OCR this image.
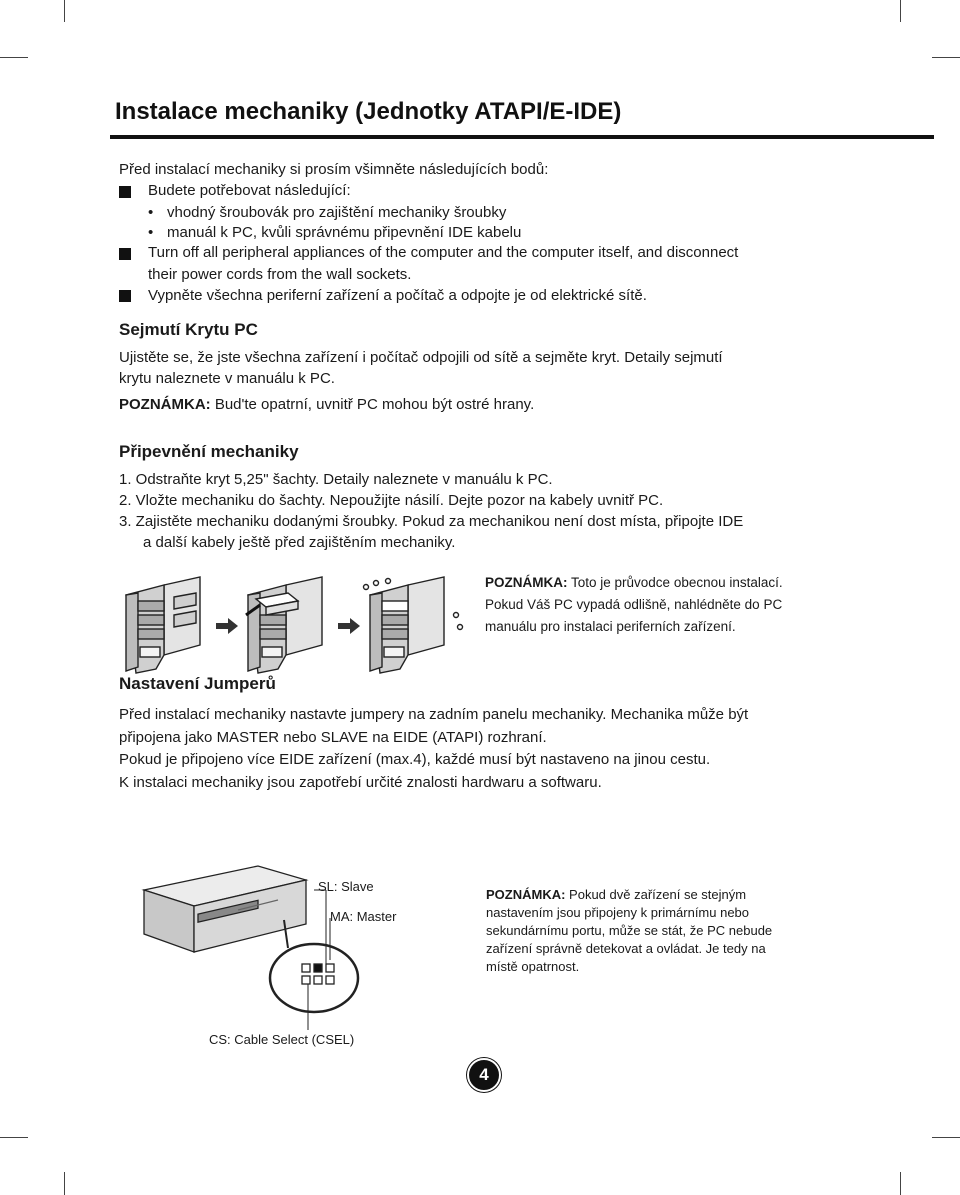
Instalace mechaniky (Jednotky ATAPI/E-IDE)
Před instalací mechaniky si prosím všimněte následujících bodů:
Budete potřebovat následující:
• vhodný šroubovák pro zajištění mechaniky šroubky
• manuál k PC, kvůli správnému připevnění IDE kabelu
Turn off all peripheral appliances of the computer and the computer itself, and disconnect
their power cords from the wall sockets.
Vypněte všechna periferní zařízení a počítač a odpojte je od elektrické sítě.
Sejmutí Krytu PC
Ujistěte se, že jste všechna zařízení i počítač odpojili od sítě a sejměte kryt. Detaily sejmutí
krytu naleznete v manuálu k PC.
POZNÁMKA: Bud'te opatrní, uvnitř PC mohou být ostré hrany.
Připevnění mechaniky
1. Odstraňte kryt 5,25" šachty. Detaily naleznete v manuálu k PC.
2. Vložte mechaniku do šachty. Nepoužijte násilí. Dejte pozor na kabely uvnitř PC.
3. Zajistěte mechaniku dodanými šroubky. Pokud za mechanikou není dost místa, připojte IDE
a další kabely ještě před zajištěním mechaniky.
POZNÁMKA: Toto je průvodce obecnou instalací.
Pokud Váš PC vypadá odlišně, nahlédněte do PC
manuálu pro instalaci periferních zařízení.
Nastavení Jumperů
Před instalací mechaniky nastavte jumpery na zadním panelu mechaniky. Mechanika může být
připojena jako MASTER nebo SLAVE na EIDE (ATAPI) rozhraní.
Pokud je připojeno více EIDE zařízení (max.4), každé musí být nastaveno na jinou cestu.
K instalaci mechaniky jsou zapotřebí určité znalosti hardwaru a softwaru.
SL: Slave
MA: Master
CS: Cable Select (CSEL)
POZNÁMKA: Pokud dvě zařízení se stejným
nastavením jsou připojeny k primárnímu nebo
sekundárnímu portu, může se stát, že PC nebude
zařízení správně detekovat a ovládat. Je tedy na
místě opatrnost.
4
